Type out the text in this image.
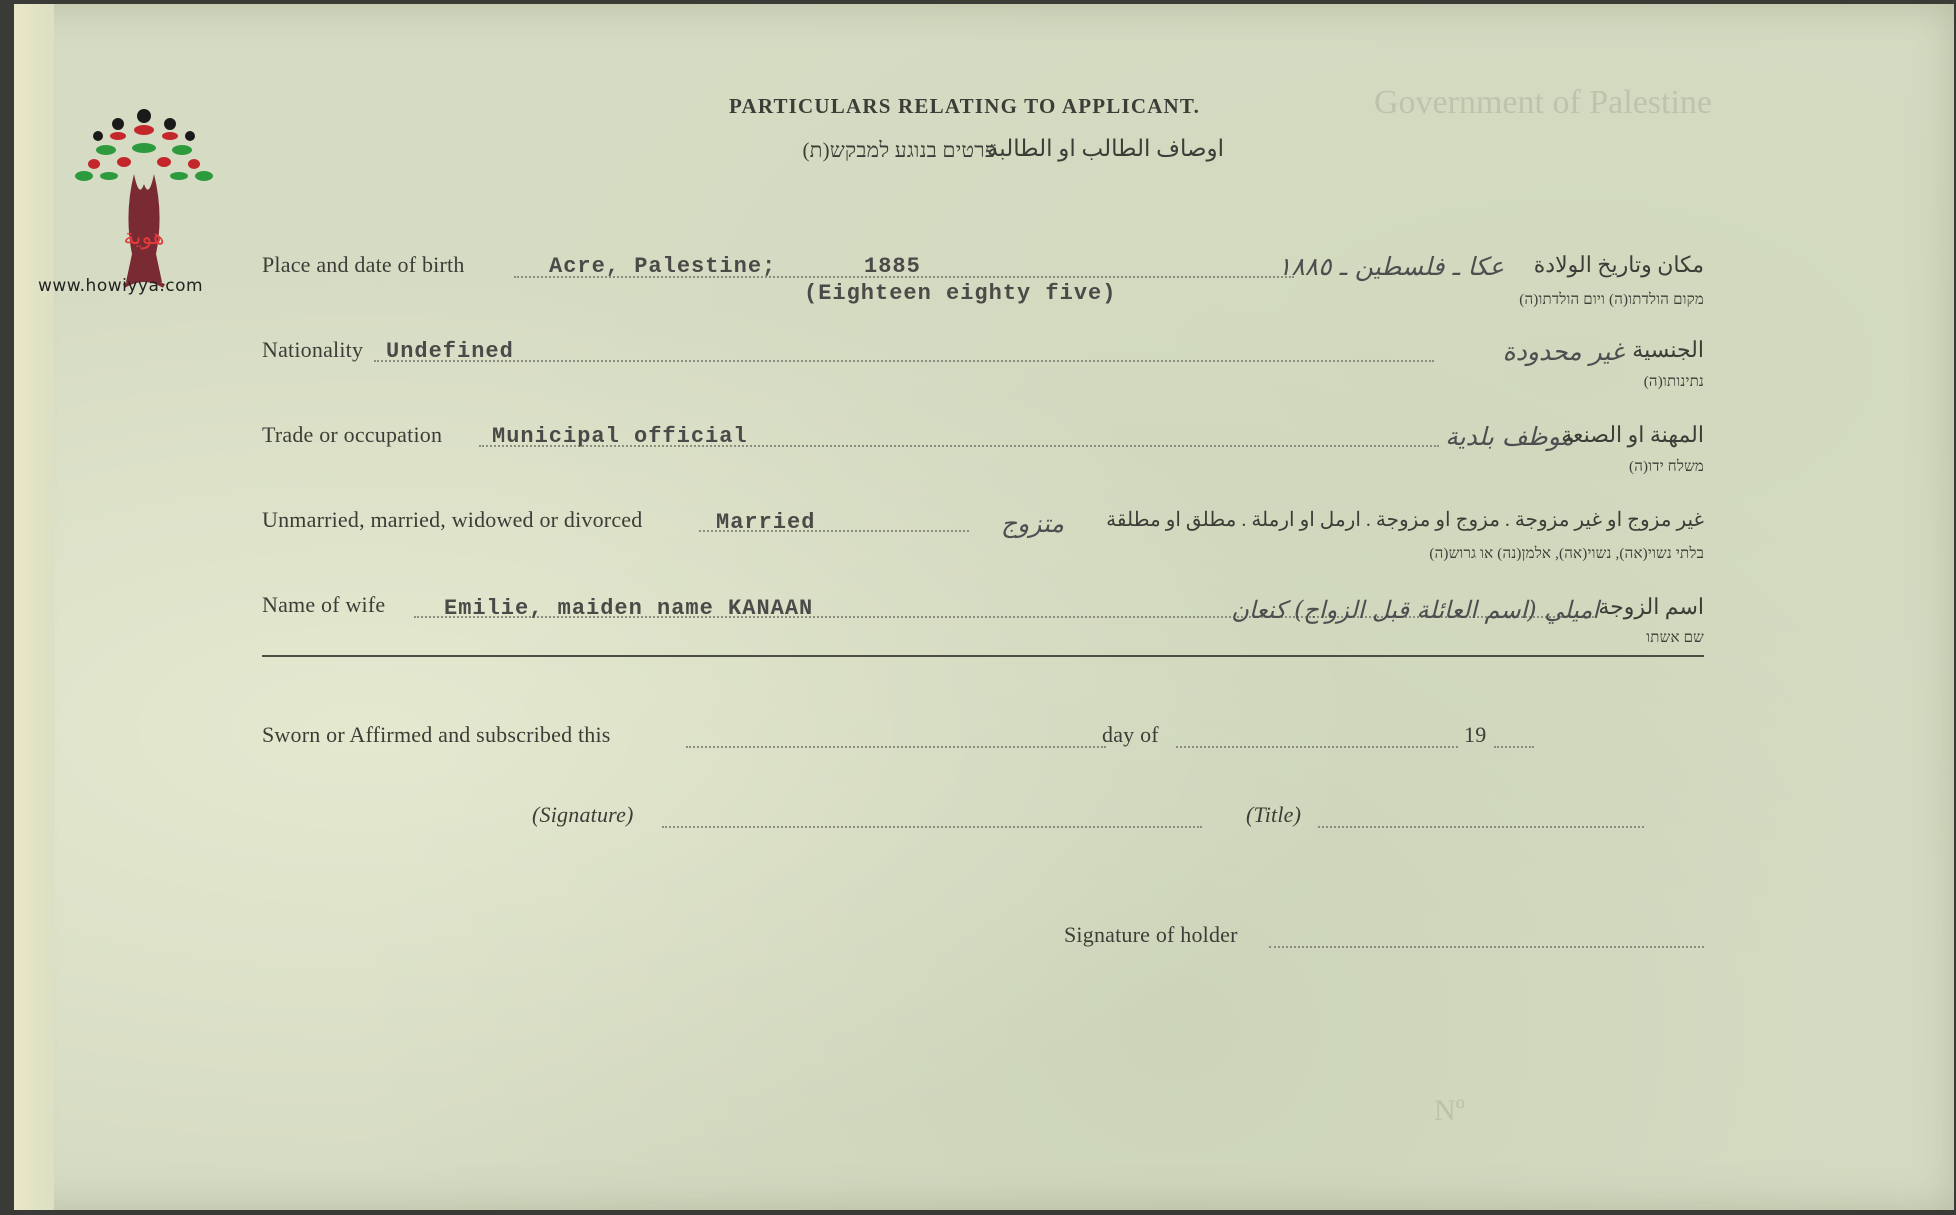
Government of Palestine
Nº
هوية
www.howiyya.com
PARTICULARS RELATING TO APPLICANT.
פרטים בנוגע למבקש(ת)
اوصاف الطالب او الطالبة
Place and date of birth	Acre, Palestine;	1885
(Eighteen eighty five)
عكا ـ فلسطين ـ ١٨٨٥	مكان وتاريخ الولادة
מקום הולדתו(ה) ויום הולדתו(ה)
Nationality Undefined	غير محدودة الجنسية
נתינותו(ה)
Trade or occupation Municipal official	موظف بلدية
المهنة او الصنعة
משלח ידו(ה)
Unmarried, married, widowed or divorced	Married	متزوج	غير مزوج او غير مزوجة . مزوج او مزوجة . ارمل او ارملة . مطلق او مطلقة
בלתי נשוי(אה), נשוי(אה), אלמן(נה) או גרוש(ה)
Name of wife	Emilie, maiden name KANAAN	اميلي (اسم العائلة قبل الزواج) كنعان اسم الزوجة
שם אשתו
Sworn or Affirmed and subscribed this	day of	19
(Signature)	(Title)
Signature of holder
